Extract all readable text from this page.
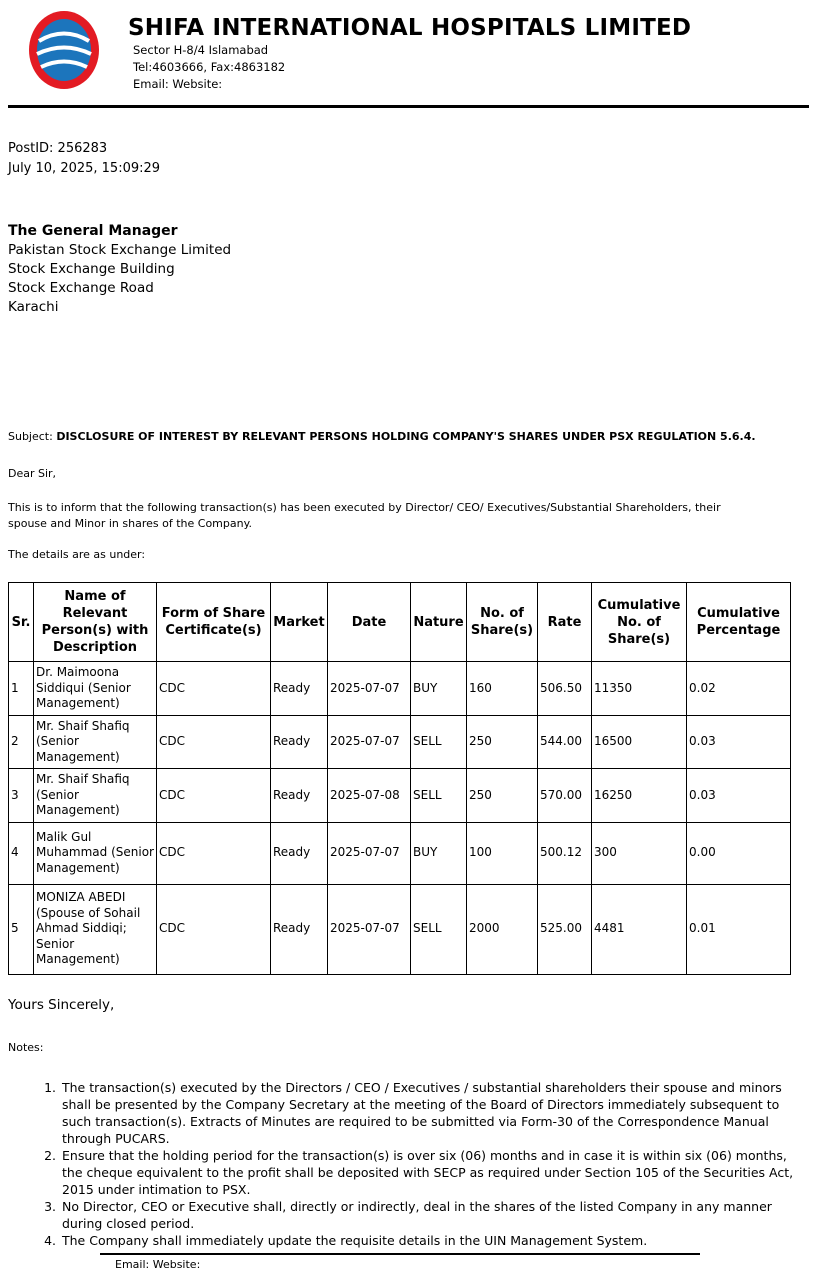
SHIFA INTERNATIONAL HOSPITALS LIMITED
Sector H-8/4 Islamabad
Tel:4603666, Fax:4863182
Email: Website:
PostID: 256283
July 10, 2025, 15:09:29
The General Manager
Pakistan Stock Exchange Limited
Stock Exchange Building
Stock Exchange Road
Karachi
Subject: DISCLOSURE OF INTEREST BY RELEVANT PERSONS HOLDING COMPANY'S SHARES UNDER PSX REGULATION 5.6.4.
Dear Sir,
This is to inform that the following transaction(s) has been executed by Director/ CEO/ Executives/Substantial Shareholders, their spouse and Minor in shares of the Company.
The details are as under:
Sr.	Name of Relevant Person(s) with Description	Form of Share Certificate(s)	Market	Date	Nature	No. of Share(s)	Rate	Cumulative No. of Share(s)	Cumulative Percentage
1	Dr. Maimoona Siddiqui (Senior Management)	CDC	Ready	2025-07-07	BUY	160	506.50	11350	0.02
2	Mr. Shaif Shafiq (Senior Management)	CDC	Ready	2025-07-07	SELL	250	544.00	16500	0.03
3	Mr. Shaif Shafiq (Senior Management)	CDC	Ready	2025-07-08	SELL	250	570.00	16250	0.03
4	Malik Gul Muhammad (Senior Management)	CDC	Ready	2025-07-07	BUY	100	500.12	300	0.00
5	MONIZA ABEDI (Spouse of Sohail Ahmad Siddiqi; Senior Management)	CDC	Ready	2025-07-07	SELL	2000	525.00	4481	0.01
Yours Sincerely,
Notes:
1. The transaction(s) executed by the Directors / CEO / Executives / substantial shareholders their spouse and minors shall be presented by the Company Secretary at the meeting of the Board of Directors immediately subsequent to such transaction(s). Extracts of Minutes are required to be submitted via Form-30 of the Correspondence Manual through PUCARS.
2. Ensure that the holding period for the transaction(s) is over six (06) months and in case it is within six (06) months, the cheque equivalent to the profit shall be deposited with SECP as required under Section 105 of the Securities Act, 2015 under intimation to PSX.
3. No Director, CEO or Executive shall, directly or indirectly, deal in the shares of the listed Company in any manner during closed period.
4. The Company shall immediately update the requisite details in the UIN Management System.
Email: Website:
